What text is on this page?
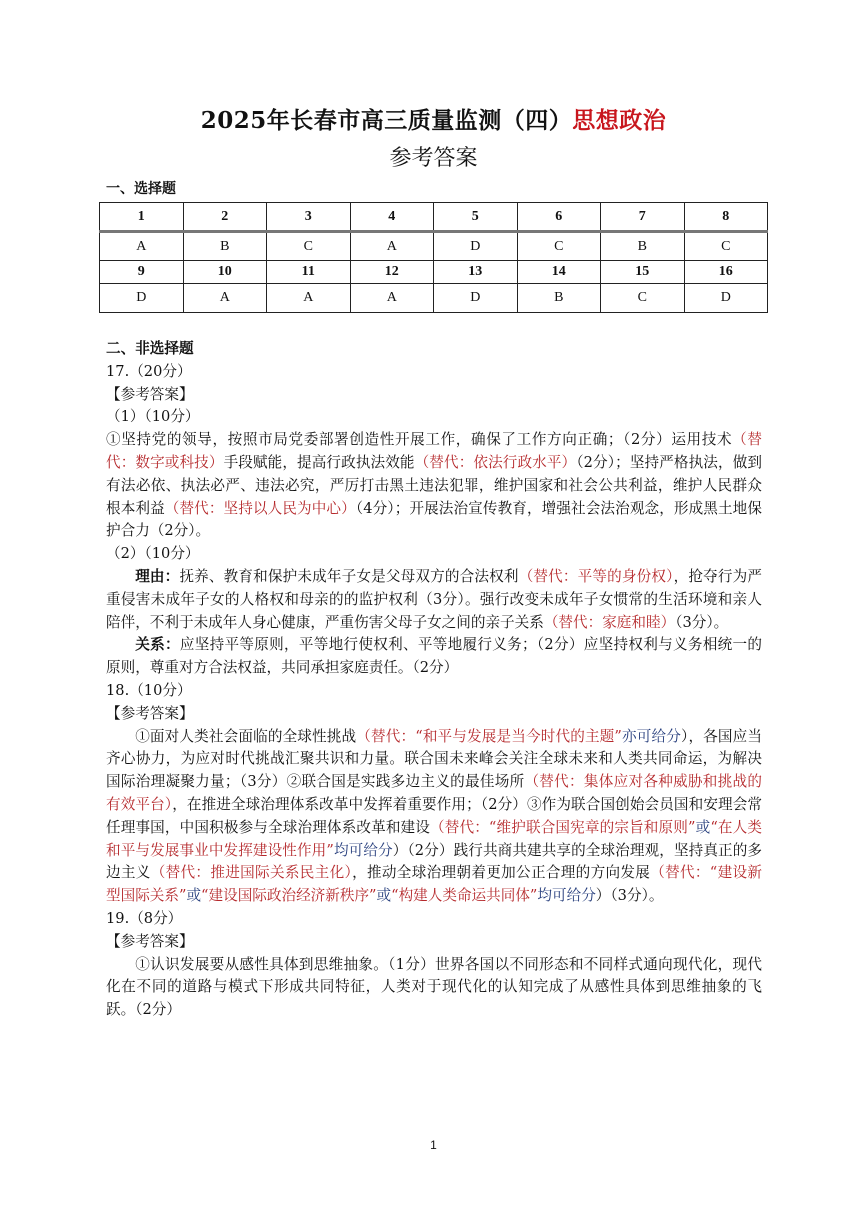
2025年长春市高三质量监测（四）思想政治
参考答案
一、选择题
1	2	3	4	5	6	7	8
A	B	C	A	D	C	B	C
9	10	11	12	13	14	15	16
D	A	A	A	D	B	C	D

二、非选择题

17.（20分）

【参考答案】

（1）（10分）

①坚持党的领导，按照市局党委部署创造性开展工作，确保了工作方向正确；（2分）运用技术（替代：数字或科技）手段赋能，提高行政执法效能（替代：依法行政水平）（2分）；坚持严格执法，做到有法必依、执法必严、违法必究，严厉打击黑土违法犯罪，维护国家和社会公共利益，维护人民群众根本利益（替代：坚持以人民为中心）（4分）；开展法治宣传教育，增强社会法治观念，形成黑土地保护合力（2分）。

（2）（10分）

理由：抚养、教育和保护未成年子女是父母双方的合法权利（替代：平等的身份权），抢夺行为严重侵害未成年子女的人格权和母亲的的监护权利（3分）。强行改变未成年子女惯常的生活环境和亲人陪伴，不利于未成年人身心健康，严重伤害父母子女之间的亲子关系（替代：家庭和睦）（3分）。

关系：应坚持平等原则，平等地行使权利、平等地履行义务；（2分）应坚持权利与义务相统一的原则，尊重对方合法权益，共同承担家庭责任。（2分）

18.（10分）

【参考答案】

①面对人类社会面临的全球性挑战（替代：“和平与发展是当今时代的主题”亦可给分），各国应当齐心协力，为应对时代挑战汇聚共识和力量。联合国未来峰会关注全球未来和人类共同命运，为解决国际治理凝聚力量；（3分）②联合国是实践多边主义的最佳场所（替代：集体应对各种威胁和挑战的有效平台），在推进全球治理体系改革中发挥着重要作用；（2分）③作为联合国创始会员国和安理会常任理事国，中国积极参与全球治理体系改革和建设（替代：“维护联合国宪章的宗旨和原则”或“在人类和平与发展事业中发挥建设性作用”均可给分）（2分）践行共商共建共享的全球治理观，坚持真正的多边主义（替代：推进国际关系民主化），推动全球治理朝着更加公正合理的方向发展（替代：“建设新型国际关系”或“建设国际政治经济新秩序”或“构建人类命运共同体”均可给分）（3分）。

19.（8分）

【参考答案】

①认识发展要从感性具体到思维抽象。（1分）世界各国以不同形态和不同样式通向现代化，现代化在不同的道路与模式下形成共同特征，人类对于现代化的认知完成了从感性具体到思维抽象的飞跃。（2分）

1
